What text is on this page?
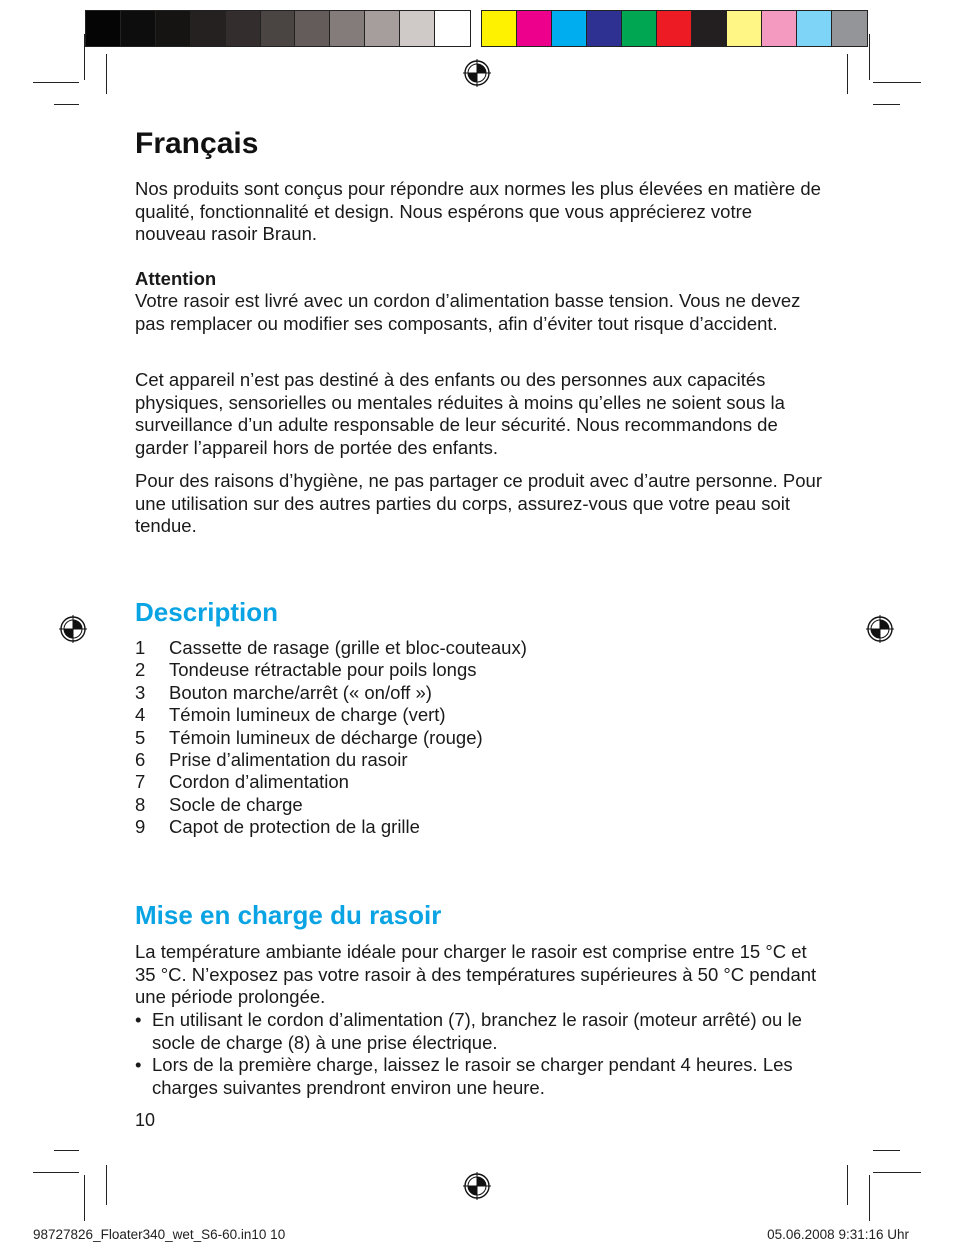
Français

Nos produits sont conçus pour répondre aux normes les plus élevées en matière de qualité, fonctionnalité et design. Nous espérons que vous apprécierez votre nouveau rasoir Braun.

Attention

Votre rasoir est livré avec un cordon d’alimentation basse tension. Vous ne devez pas remplacer ou modifier ses composants, afin d’éviter tout risque d’accident.

Cet appareil n’est pas destiné à des enfants ou des personnes aux capacités physiques, sensorielles ou mentales réduites à moins qu’elles ne soient sous la surveillance d’un adulte responsable de leur sécurité. Nous recommandons de garder l’appareil hors de portée des enfants.

Pour des raisons d’hygiène, ne pas partager ce produit avec d’autre personne. Pour une utilisation sur des autres parties du corps, assurez-vous que votre peau soit tendue.

Description
1	Cassette de rasage (grille et bloc-couteaux)
2	Tondeuse rétractable pour poils longs
3	Bouton marche/arrêt (« on/off »)
4	Témoin lumineux de charge (vert)
5	Témoin lumineux de décharge (rouge)
6	Prise d’alimentation du rasoir
7	Cordon d’alimentation
8	Socle de charge
9	Capot de protection de la grille
Mise en charge du rasoir

La température ambiante idéale pour charger le rasoir est comprise entre 15 °C et 35 °C. N’exposez pas votre rasoir à des températures supérieures à 50 °C pendant une période prolongée.

• En utilisant le cordon d’alimentation (7), branchez le rasoir (moteur arrêté) ou le socle de charge (8) à une prise électrique.
• Lors de la première charge, laissez le rasoir se charger pendant 4 heures. Les charges suivantes prendront environ une heure.
10
98727826_Floater340_wet_S6-60.in10 10	05.06.2008 9:31:16 Uhr
